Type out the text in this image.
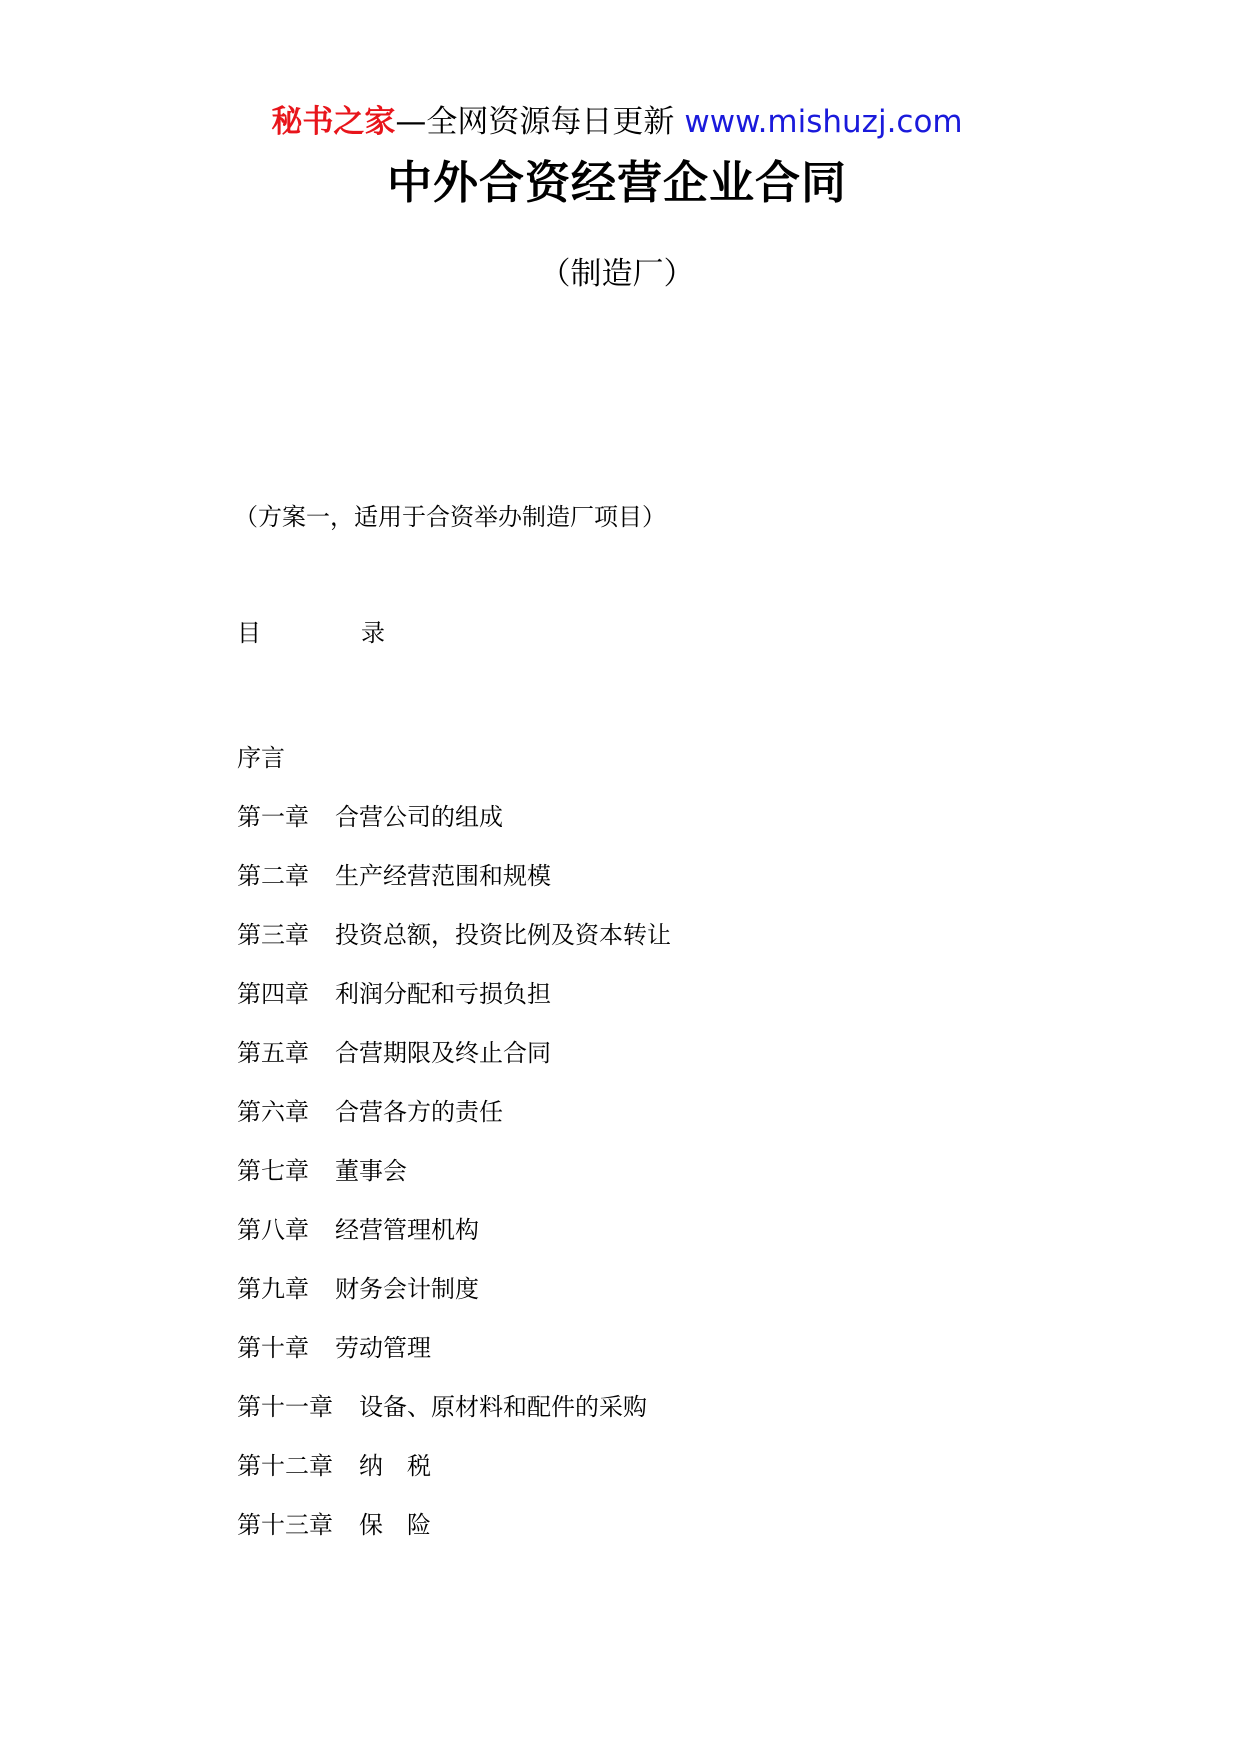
秘书之家—全网资源每日更新 www.mishuzj.com
中外合资经营企业合同
（制造厂）
（方案一，适用于合资举办制造厂项目）
目	录
序言
第一章 合营公司的组成
第二章 生产经营范围和规模
第三章 投资总额，投资比例及资本转让
第四章 利润分配和亏损负担
第五章 合营期限及终止合同
第六章 合营各方的责任
第七章 董事会
第八章 经营管理机构
第九章 财务会计制度
第十章 劳动管理
第十一章 设备、原材料和配件的采购
第十二章 纳　税
第十三章 保　险
